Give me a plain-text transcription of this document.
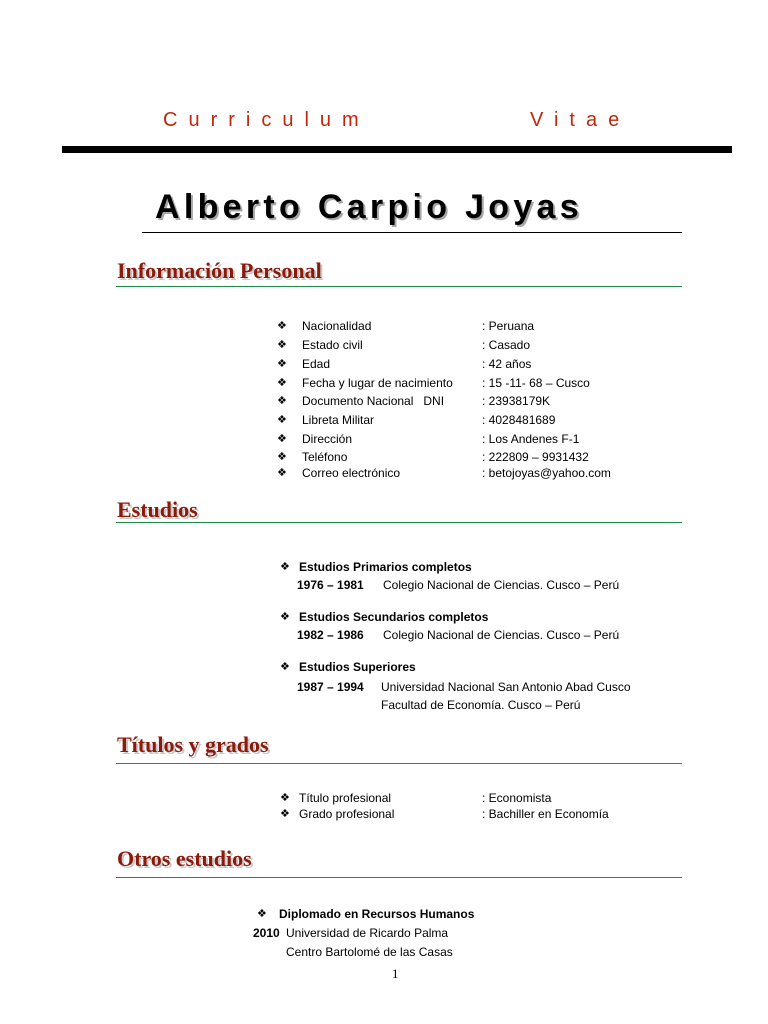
Curriculum	Vitae
Alberto Carpio Joyas
Información Personal
❖ Nacionalidad	: Peruana
❖ Estado civil	: Casado
❖ Edad	: 42 años
❖ Fecha y lugar de nacimiento : 15 -11- 68 – Cusco
❖ Documento Nacional   DNI	: 23938179K
❖ Libreta Militar	: 4028481689
❖ Dirección	: Los Andenes F-1
❖ Teléfono	: 222809 – 9931432
❖ Correo electrónico	: betojoyas@yahoo.com
Estudios
❖ Estudios Primarios completos
1976 – 1981 Colegio Nacional de Ciencias. Cusco – Perú
❖ Estudios Secundarios completos
1982 – 1986 Colegio Nacional de Ciencias. Cusco – Perú
❖ Estudios Superiores
1987 – 1994 Universidad Nacional San Antonio Abad Cusco
Facultad de Economía. Cusco – Perú
Títulos y grados
❖ Título profesional	: Economista
❖ Grado profesional	: Bachiller en Economía
Otros estudios
❖ Diplomado en Recursos Humanos
2010 Universidad de Ricardo Palma
Centro Bartolomé de las Casas
1
